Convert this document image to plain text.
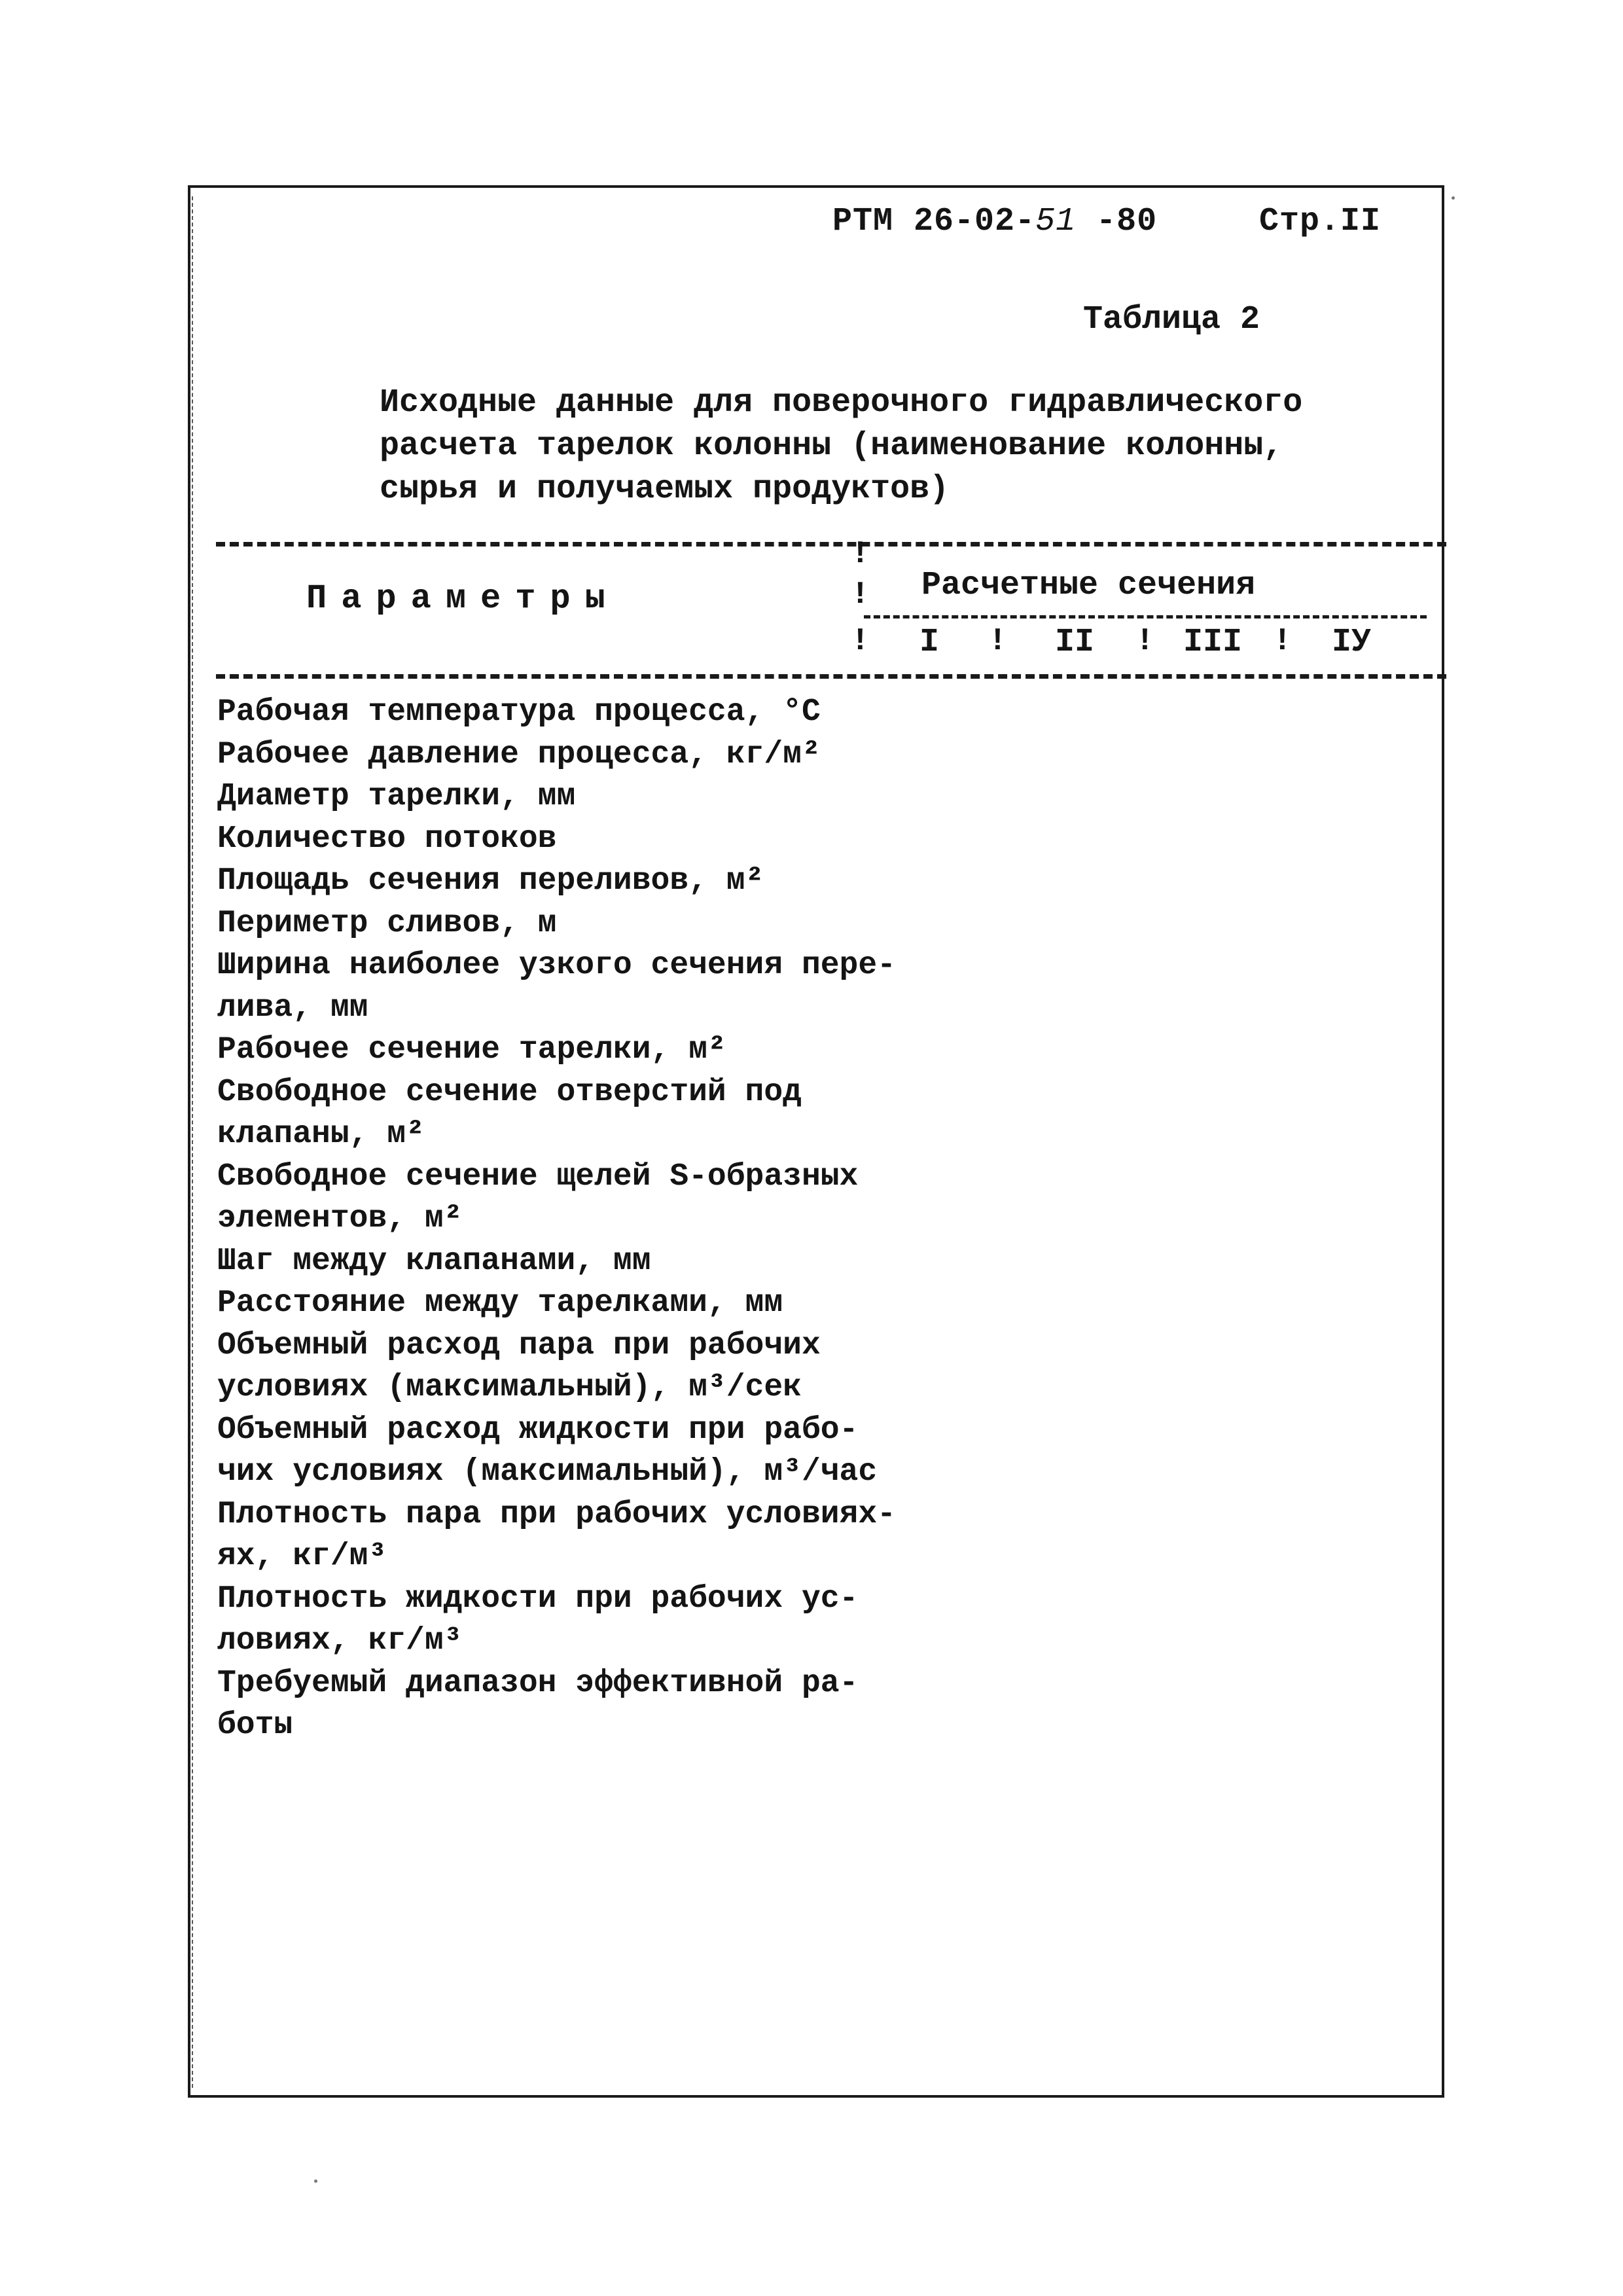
РТМ 26-02-51 -80	Стр.II
Таблица 2
Исходные данные для поверочного гидравлического
расчета тарелок колонны (наименование колонны,
сырья и получаемых продуктов)
Параметры
!
!
!
Расчетные сечения
I ! II ! III ! IУ
Рабочая температура процесса, °С
Рабочее давление процесса, кг/м²
Диаметр тарелки, мм
Количество потоков
Площадь сечения переливов, м²
Периметр сливов, м
Ширина наиболее узкого сечения пере-
лива, мм
Рабочее сечение тарелки, м²
Свободное сечение отверстий под
клапаны, м²
Свободное сечение щелей S-образных
элементов, м²
Шаг между клапанами, мм
Расстояние между тарелками, мм
Объемный расход пара при рабочих
условиях (максимальный), м³/сек
Объемный расход жидкости при рабо-
чих условиях (максимальный), м³/час
Плотность пара при рабочих условиях-
ях, кг/м³
Плотность жидкости при рабочих ус-
ловиях, кг/м³
Требуемый диапазон эффективной ра-
боты
